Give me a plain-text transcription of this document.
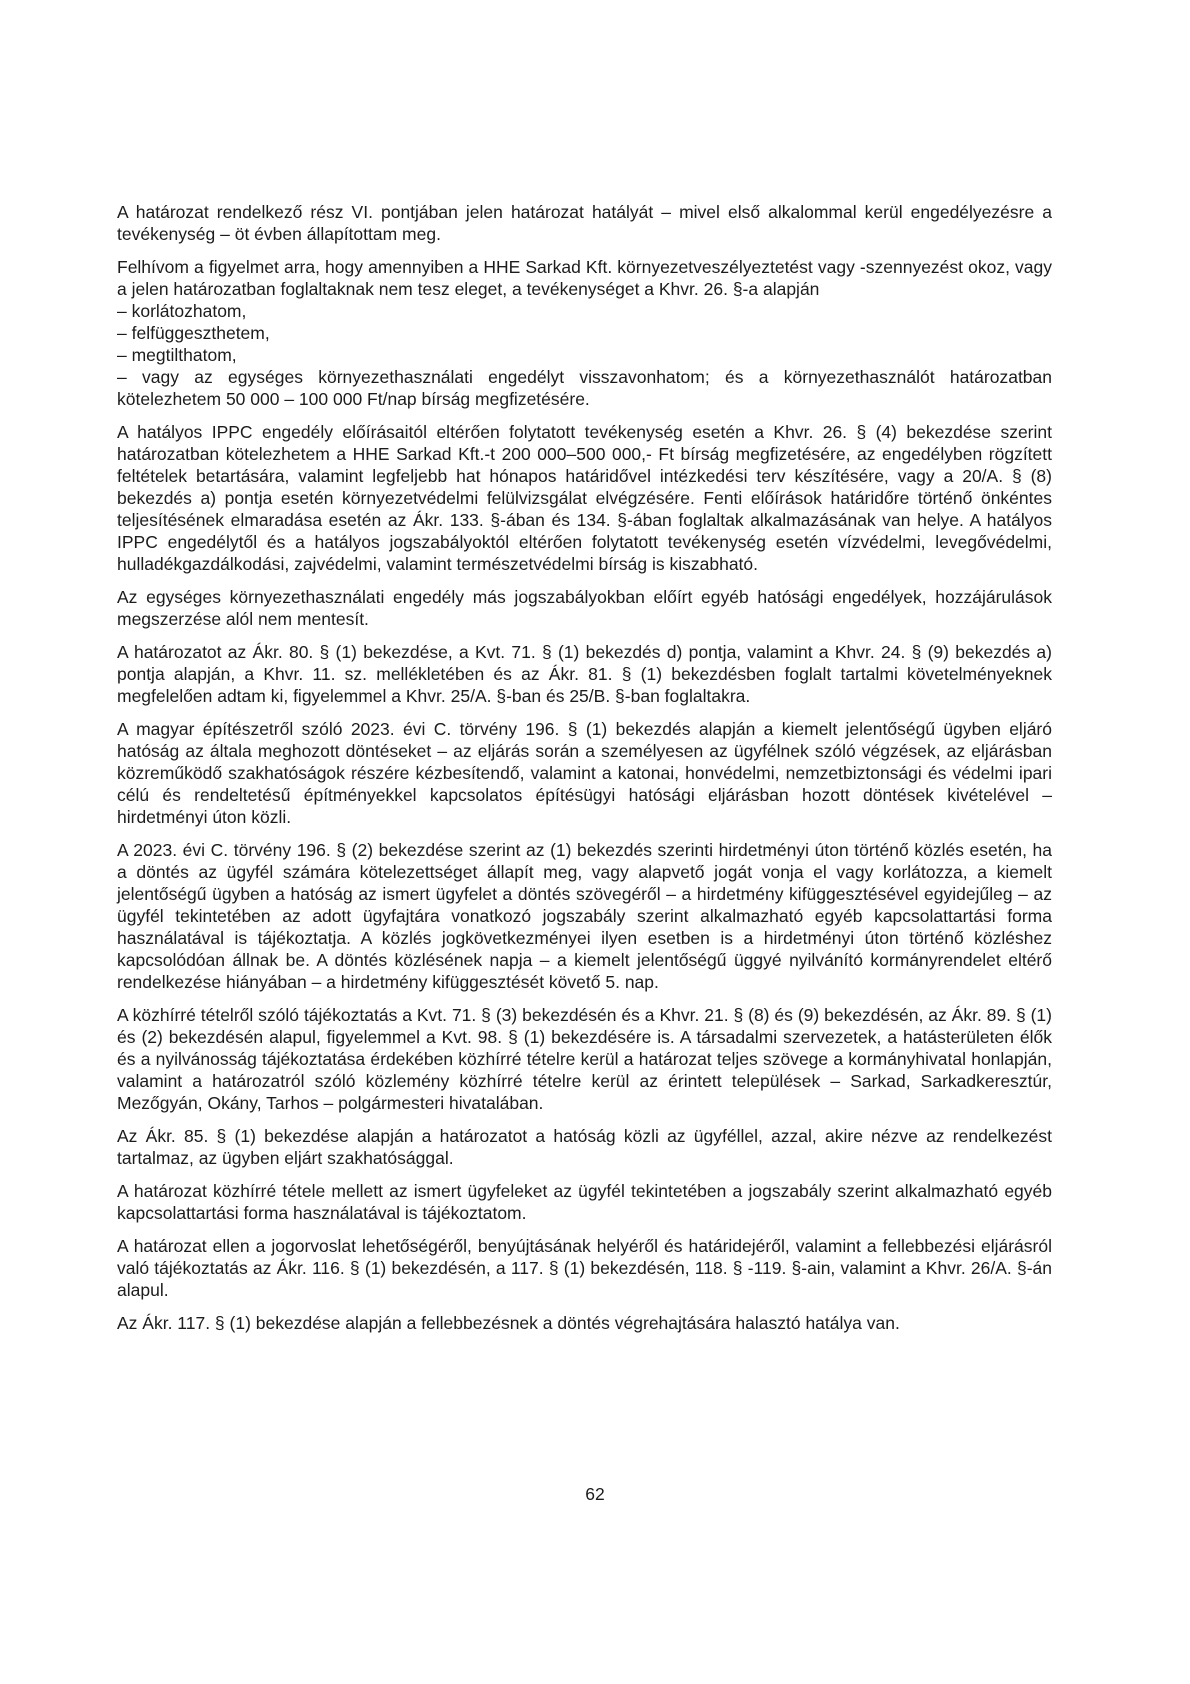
A határozat rendelkező rész VI. pontjában jelen határozat hatályát – mivel első alkalommal kerül engedélyezésre a tevékenység – öt évben állapítottam meg.

Felhívom a figyelmet arra, hogy amennyiben a HHE Sarkad Kft. környezetveszélyeztetést vagy -szennyezést okoz, vagy a jelen határozatban foglaltaknak nem tesz eleget, a tevékenységet a Khvr. 26. §-a alapján

– korlátozhatom,

– felfüggeszthetem,

– megtilthatom,

– vagy az egységes környezethasználati engedélyt visszavonhatom; és a környezethasználót határozatban kötelezhetem 50 000 – 100 000 Ft/nap bírság megfizetésére.

A hatályos IPPC engedély előírásaitól eltérően folytatott tevékenység esetén a Khvr. 26. § (4) bekezdése szerint határozatban kötelezhetem a HHE Sarkad Kft.-t 200 000–500 000,- Ft bírság megfizetésére, az engedélyben rögzített feltételek betartására, valamint legfeljebb hat hónapos határidővel intézkedési terv készítésére, vagy a 20/A. § (8) bekezdés a) pontja esetén környezetvédelmi felülvizsgálat elvégzésére. Fenti előírások határidőre történő önkéntes teljesítésének elmaradása esetén az Ákr. 133. §-ában és 134. §-ában foglaltak alkalmazásának van helye. A hatályos IPPC engedélytől és a hatályos jogszabályoktól eltérően folytatott tevékenység esetén vízvédelmi, levegővédelmi, hulladékgazdálkodási, zajvédelmi, valamint természetvédelmi bírság is kiszabható.

Az egységes környezethasználati engedély más jogszabályokban előírt egyéb hatósági engedélyek, hozzájárulások megszerzése alól nem mentesít.

A határozatot az Ákr. 80. § (1) bekezdése, a Kvt. 71. § (1) bekezdés d) pontja, valamint a Khvr. 24. § (9) bekezdés a) pontja alapján, a Khvr. 11. sz. mellékletében és az Ákr. 81. § (1) bekezdésben foglalt tartalmi követelményeknek megfelelően adtam ki, figyelemmel a Khvr. 25/A. §-ban és 25/B. §-ban foglaltakra.

A magyar építészetről szóló 2023. évi C. törvény 196. § (1) bekezdés alapján a kiemelt jelentőségű ügyben eljáró hatóság az általa meghozott döntéseket – az eljárás során a személyesen az ügyfélnek szóló végzések, az eljárásban közreműködő szakhatóságok részére kézbesítendő, valamint a katonai, honvédelmi, nemzetbiztonsági és védelmi ipari célú és rendeltetésű építményekkel kapcsolatos építésügyi hatósági eljárásban hozott döntések kivételével – hirdetményi úton közli.

A 2023. évi C. törvény 196. § (2) bekezdése szerint az (1) bekezdés szerinti hirdetményi úton történő közlés esetén, ha a döntés az ügyfél számára kötelezettséget állapít meg, vagy alapvető jogát vonja el vagy korlátozza, a kiemelt jelentőségű ügyben a hatóság az ismert ügyfelet a döntés szövegéről – a hirdetmény kifüggesztésével egyidejűleg – az ügyfél tekintetében az adott ügyfajtára vonatkozó jogszabály szerint alkalmazható egyéb kapcsolattartási forma használatával is tájékoztatja. A közlés jogkövetkezményei ilyen esetben is a hirdetményi úton történő közléshez kapcsolódóan állnak be. A döntés közlésének napja – a kiemelt jelentőségű üggyé nyilvánító kormányrendelet eltérő rendelkezése hiányában – a hirdetmény kifüggesztését követő 5. nap.

A közhírré tételről szóló tájékoztatás a Kvt. 71. § (3) bekezdésén és a Khvr. 21. § (8) és (9) bekezdésén, az Ákr. 89. § (1) és (2) bekezdésén alapul, figyelemmel a Kvt. 98. § (1) bekezdésére is. A társadalmi szervezetek, a hatásterületen élők és a nyilvánosság tájékoztatása érdekében közhírré tételre kerül a határozat teljes szövege a kormányhivatal honlapján, valamint a határozatról szóló közlemény közhírré tételre kerül az érintett települések – Sarkad, Sarkadkeresztúr, Mezőgyán, Okány, Tarhos – polgármesteri hivatalában.

Az Ákr. 85. § (1) bekezdése alapján a határozatot a hatóság közli az ügyféllel, azzal, akire nézve az rendelkezést tartalmaz, az ügyben eljárt szakhatósággal.

A határozat közhírré tétele mellett az ismert ügyfeleket az ügyfél tekintetében a jogszabály szerint alkalmazható egyéb kapcsolattartási forma használatával is tájékoztatom.

A határozat ellen a jogorvoslat lehetőségéről, benyújtásának helyéről és határidejéről, valamint a fellebbezési eljárásról való tájékoztatás az Ákr. 116. § (1) bekezdésén, a 117. § (1) bekezdésén, 118. § -119. §-ain, valamint a Khvr. 26/A. §-án alapul.

Az Ákr. 117. § (1) bekezdése alapján a fellebbezésnek a döntés végrehajtására halasztó hatálya van.

62
